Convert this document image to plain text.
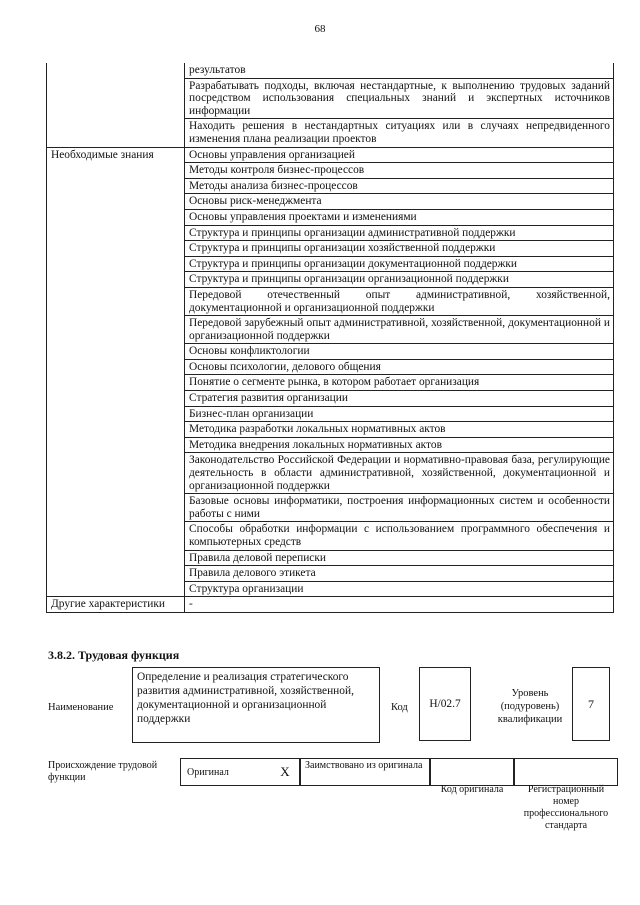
68
	результатов
	Разрабатывать подходы, включая нестандартные, к выполнению трудовых заданий посредством использования специальных знаний и экспертных источников информации
	Находить решения в нестандартных ситуациях или в случаях непредвиденного изменения плана реализации проектов
Необходимые знания	Основы управления организацией
	Методы контроля бизнес-процессов
	Методы анализа бизнес-процессов
	Основы риск-менеджмента
	Основы управления проектами и изменениями
	Структура и принципы организации административной поддержки
	Структура и принципы организации хозяйственной поддержки
	Структура и принципы организации документационной поддержки
	Структура и принципы организации организационной поддержки
	Передовой отечественный опыт административной, хозяйственной, документационной и организационной поддержки
	Передовой зарубежный опыт административной, хозяйственной, документационной и организационной поддержки
	Основы конфликтологии
	Основы психологии, делового общения
	Понятие о сегменте рынка, в котором работает организация
	Стратегия развития организации
	Бизнес-план организации
	Методика разработки локальных нормативных актов
	Методика внедрения локальных нормативных актов
	Законодательство Российской Федерации и нормативно-правовая база, регулирующие деятельность в области административной, хозяйственной, документационной и организационной поддержки
	Базовые основы информатики, построения информационных систем и особенности работы с ними
	Способы обработки информации с использованием программного обеспечения и компьютерных средств
	Правила деловой переписки
	Правила делового этикета
	Структура организации
Другие характеристики	-
3.8.2. Трудовая функция
Наименование
Определение и реализация стратегического развития административной, хозяйственной, документационной и организационной поддержки
Код	Н/02.7
Уровень (подуровень) квалификации
7
Происхождение трудовой функции	Оригинал	X	Заимствовано из оригинала
Код оригинала	Регистрационный номер профессионального стандарта
